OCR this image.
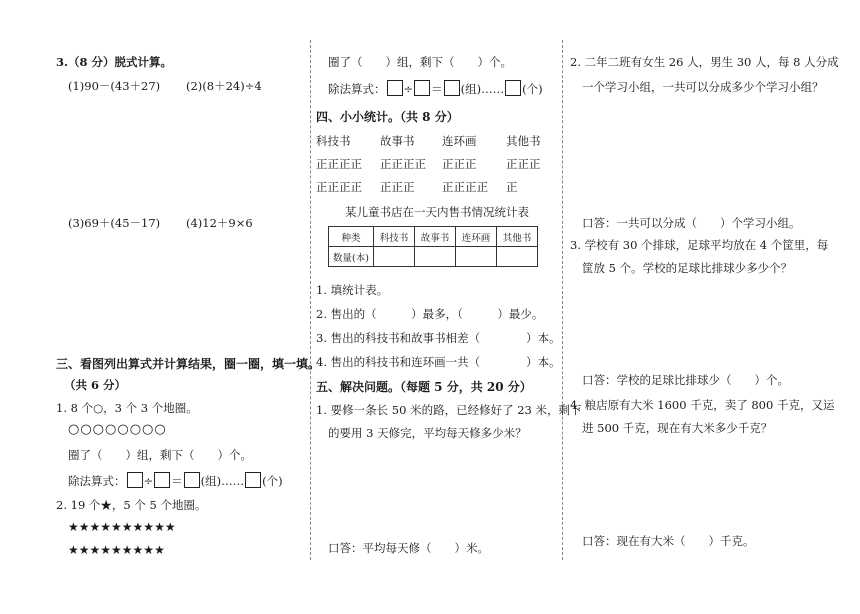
3.（8 分）脱式计算。
(1)90－(43＋27) (2)(8＋24)÷4
(3)69＋(45－17) (4)12＋9×6
三、看图列出算式并计算结果，圈一圈，填一填。
（共 6 分）
1. 8 个○，3 个 3 个地圈。
○○○○○○○○
圈了（　　）组，剩下（　　）个。
除法算式： ÷ ＝ (组)…… (个)
2. 19 个★，5 个 5 个地圈。
★★★★★★★★★★
★★★★★★★★★
圈了（　　）组，剩下（　　）个。
除法算式： ÷ ＝ (组)…… (个)
四、小小统计。（共 8 分）
科技书	故事书 连环画	其他书
正正正正 正正正正 正正正	正正正
正正正正 正正正 正正正正 正
某儿童书店在一天内售书情况统计表
种类	科技书	故事书	连环画	其他书
数量(本)				
1. 填统计表。
2. 售出的（　　　）最多，（　　　）最少。
3. 售出的科技书和故事书相差（　　　　）本。
4. 售出的科技书和连环画一共（　　　　）本。
五、解决问题。（每题 5 分，共 20 分）
1. 要修一条长 50 米的路，已经修好了 23 米，剩下
的要用 3 天修完，平均每天修多少米？
口答：平均每天修（　　）米。
2. 二年二班有女生 26 人，男生 30 人，每 8 人分成
一个学习小组，一共可以分成多少个学习小组？
口答：一共可以分成（　　）个学习小组。
3. 学校有 30 个排球，足球平均放在 4 个筐里，每
筐放 5 个。学校的足球比排球少多少个？
口答：学校的足球比排球少（　　）个。
4. 粮店原有大米 1600 千克，卖了 800 千克，又运
进 500 千克，现在有大米多少千克？
口答：现在有大米（　　）千克。
